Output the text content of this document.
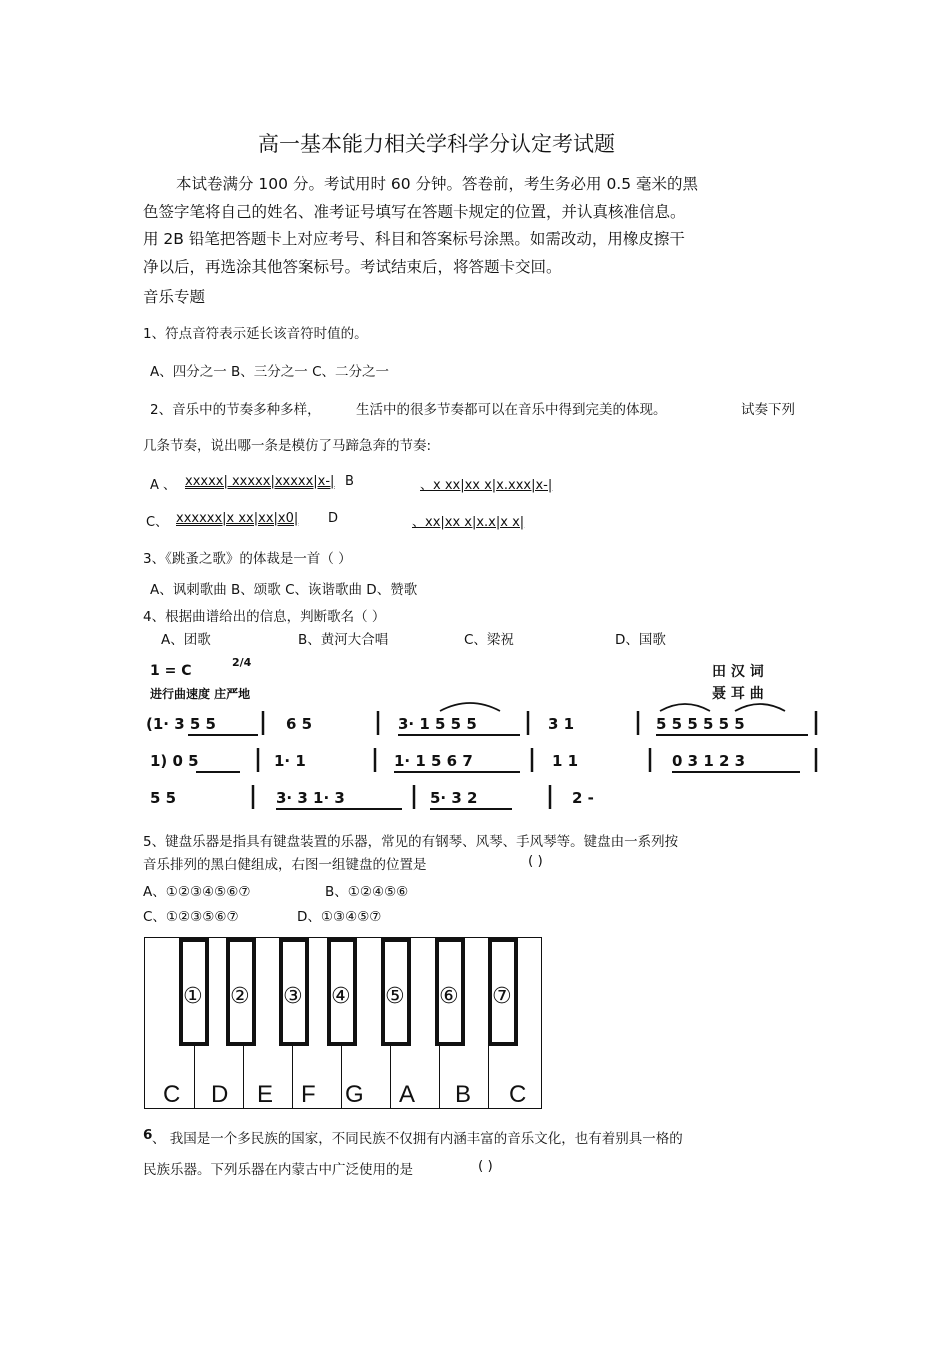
高一基本能力相关学科学分认定考试题
本试卷满分 100 分。考试用时 60 分钟。答卷前，考生务必用 0.5 毫米的黑
色签字笔将自己的姓名、准考证号填写在答题卡规定的位置，并认真核准信息。
用 2B 铅笔把答题卡上对应考号、科目和答案标号涂黑。如需改动，用橡皮擦干
净以后，再选涂其他答案标号。考试结束后，将答题卡交回。
音乐专题
1、符点音符表示延长该音符时值的。
A、四分之一 B、三分之一 C、二分之一
2、音乐中的节奏多种多样，	生活中的很多节奏都可以在音乐中得到完美的体现。	试奏下列
几条节奏，说出哪一条是模仿了马蹄急奔的节奏:
A 、 xxxxx| xxxxx|xxxxx|x-| B	、x xx|xx x|x.xxx|x-|
C、 xxxxxx|x xx|xx|x0| D	、xx|xx x|x.x|x x|
3、《跳蚤之歌》的体裁是一首（ ）
A、讽刺歌曲 B、颂歌 C、诙谐歌曲 D、赞歌
4、根据曲谱给出的信息，判断歌名（ ）
A、团歌	B、黄河大合唱	C、梁祝	D、国歌
1 = C
2/4
进行曲速度 庄严地
田 汉 词
聂 耳 曲
(1· 3 5 5	6 5	3· 1 5 5 5	3 1	5 5 5 5 5 5
1) 0 5	1· 1	1· 1 5 6 7	1 1	0 3 1 2 3
5 5	3· 3 1· 3	5· 3 2	2 -
5、键盘乐器是指具有键盘装置的乐器，常见的有钢琴、风琴、手风琴等。键盘由一系列按
音乐排列的黑白健组成，右图一组键盘的位置是	( )
A、①②③④⑤⑥⑦	B、①②④⑤⑥
C、①②③⑤⑥⑦	D、①③④⑤⑦
① ② ③ ④ ⑤ ⑥ ⑦
C D E F G A B C
6 、 我国是一个多民族的国家，不同民族不仅拥有内涵丰富的音乐文化，也有着别具一格的
民族乐器。下列乐器在内蒙古中广泛使用的是	( )
